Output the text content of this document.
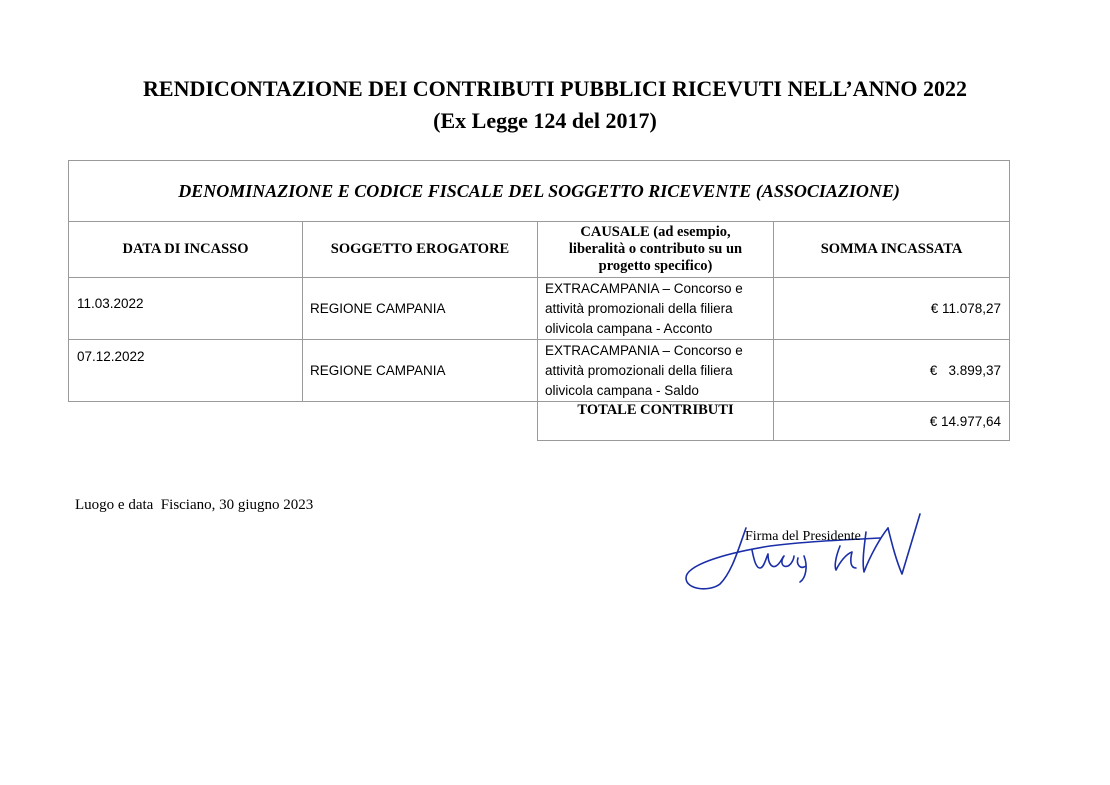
RENDICONTAZIONE DEI CONTRIBUTI PUBBLICI RICEVUTI NELL’ANNO 2022
(Ex Legge 124 del 2017)
DENOMINAZIONE E CODICE FISCALE DEL SOGGETTO RICEVENTE (ASSOCIAZIONE)			
DATA DI INCASSO	SOGGETTO EROGATORE	CAUSALE (ad esempio, liberalità o contributo su un progetto specifico)	SOMMA INCASSATA
11.03.2022	REGIONE CAMPANIA	EXTRACAMPANIA – Concorso e
attività promozionali della filiera
olivicola campana - Acconto	€ 11.078,27
07.12.2022	REGIONE CAMPANIA	EXTRACAMPANIA – Concorso e
attività promozionali della filiera
olivicola campana - Saldo	€   3.899,37
		TOTALE CONTRIBUTI	€ 14.977,64
Luogo e data  Fisciano, 30 giugno 2023
Firma del Presidente
